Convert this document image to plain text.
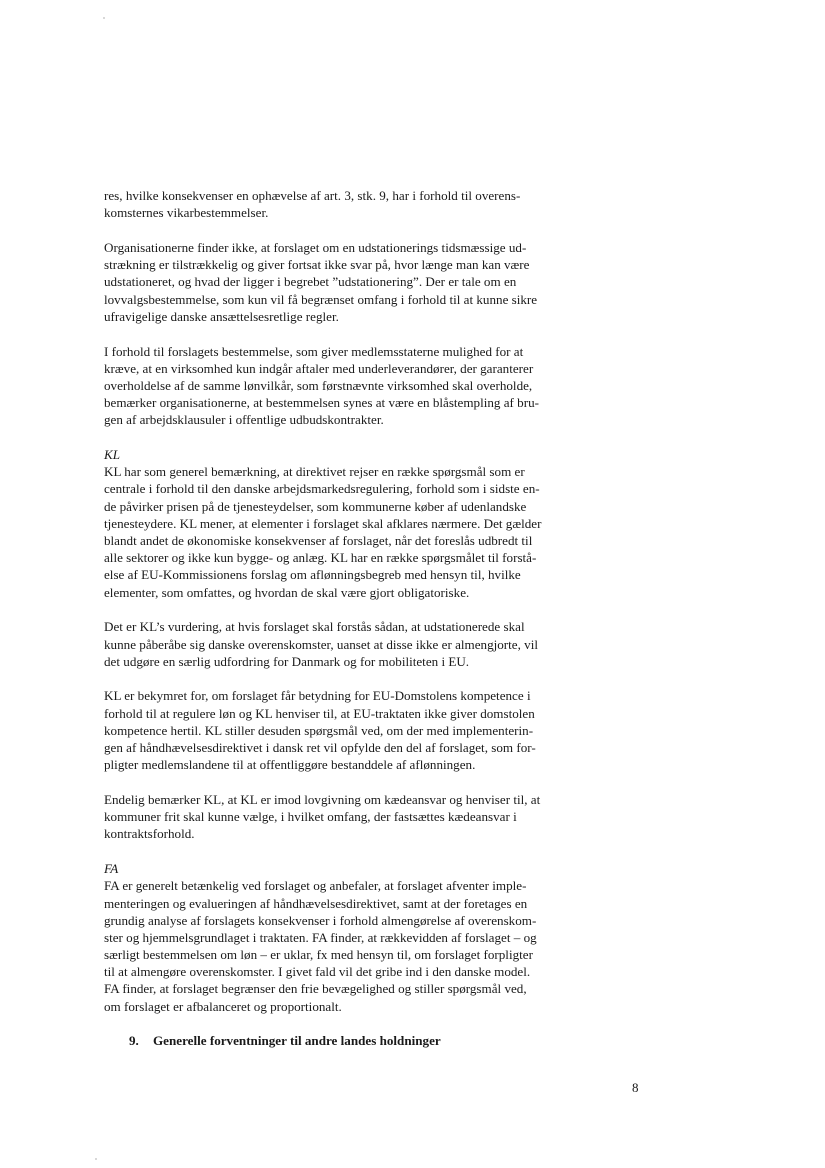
res, hvilke konsekvenser en ophævelse af art. 3, stk. 9, har i forhold til overens-
komsternes vikarbestemmelser.
Organisationerne finder ikke, at forslaget om en udstationerings tidsmæssige ud-
strækning er tilstrækkelig og giver fortsat ikke svar på, hvor længe man kan være
udstationeret, og hvad der ligger i begrebet ”udstationering”. Der er tale om en
lovvalgsbestemmelse, som kun vil få begrænset omfang i forhold til at kunne sikre
ufravigelige danske ansættelsesretlige regler.
I forhold til forslagets bestemmelse, som giver medlemsstaterne mulighed for at
kræve, at en virksomhed kun indgår aftaler med underleverandører, der garanterer
overholdelse af de samme lønvilkår, som førstnævnte virksomhed skal overholde,
bemærker organisationerne, at bestemmelsen synes at være en blåstempling af bru-
gen af arbejdsklausuler i offentlige udbudskontrakter.
KL
KL har som generel bemærkning, at direktivet rejser en række spørgsmål som er
centrale i forhold til den danske arbejdsmarkedsregulering, forhold som i sidste en-
de påvirker prisen på de tjenesteydelser, som kommunerne køber af udenlandske
tjenesteydere. KL mener, at elementer i forslaget skal afklares nærmere. Det gælder
blandt andet de økonomiske konsekvenser af forslaget, når det foreslås udbredt til
alle sektorer og ikke kun bygge- og anlæg. KL har en række spørgsmålet til forstå-
else af EU-Kommissionens forslag om aflønningsbegreb med hensyn til, hvilke
elementer, som omfattes, og hvordan de skal være gjort obligatoriske.
Det er KL’s vurdering, at hvis forslaget skal forstås sådan, at udstationerede skal
kunne påberåbe sig danske overenskomster, uanset at disse ikke er almengjorte, vil
det udgøre en særlig udfordring for Danmark og for mobiliteten i EU.
KL er bekymret for, om forslaget får betydning for EU-Domstolens kompetence i
forhold til at regulere løn og KL henviser til, at EU-traktaten ikke giver domstolen
kompetence hertil. KL stiller desuden spørgsmål ved, om der med implementerin-
gen af håndhævelsesdirektivet i dansk ret vil opfylde den del af forslaget, som for-
pligter medlemslandene til at offentliggøre bestanddele af aflønningen.
Endelig bemærker KL, at KL er imod lovgivning om kædeansvar og henviser til, at
kommuner frit skal kunne vælge, i hvilket omfang, der fastsættes kædeansvar i
kontraktsforhold.
FA
FA er generelt betænkelig ved forslaget og anbefaler, at forslaget afventer imple-
menteringen og evalueringen af håndhævelsesdirektivet, samt at der foretages en
grundig analyse af forslagets konsekvenser i forhold almengørelse af overenskom-
ster og hjemmelsgrundlaget i traktaten. FA finder, at rækkevidden af forslaget – og
særligt bestemmelsen om løn – er uklar, fx med hensyn til, om forslaget forpligter
til at almengøre overenskomster. I givet fald vil det gribe ind i den danske model.
FA finder, at forslaget begrænser den frie bevægelighed og stiller spørgsmål ved,
om forslaget er afbalanceret og proportionalt.
9. Generelle forventninger til andre landes holdninger
8
